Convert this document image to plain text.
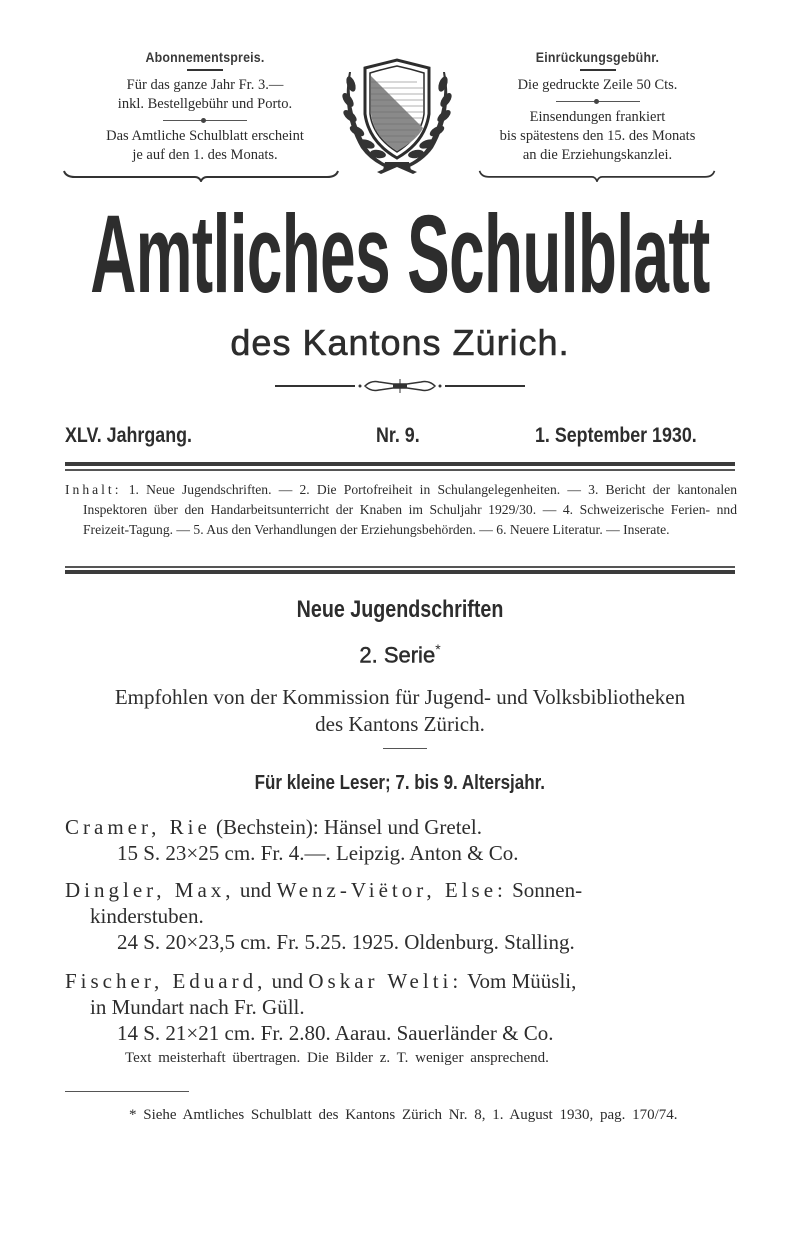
Abonnementspreis.
Für das ganze Jahr Fr. 3.—
inkl. Bestellgebühr und Porto.
Das Amtliche Schulblatt erscheint
je auf den 1. des Monats.
Einrückungsgebühr.
Die gedruckte Zeile 50 Cts.
Einsendungen frankiert
bis spätestens den 15. des Monats
an die Erziehungskanzlei.
Amtliches Schulblatt
des Kantons Zürich.
XLV. Jahrgang.	Nr. 9.	1. September 1930.

Inhalt: 1. Neue Jugendschriften. — 2. Die Portofreiheit in Schulangelegenheiten. — 3. Bericht der kantonalen Inspektoren über den Handarbeitsunterricht der Knaben im Schuljahr 1929/30. — 4. Schweizerische Ferien- nnd Freizeit-Tagung. — 5. Aus den Verhandlungen der Erziehungsbehörden. — 6. Neuere Literatur. — Inserate.

Neue Jugendschriften
2. Serie*
Empfohlen von der Kommission für Jugend- und Volksbibliotheken
des Kantons Zürich.
Für kleine Leser; 7. bis 9. Altersjahr.
Cramer, Rie (Bechstein): Hänsel und Gretel.
15 S. 23×25 cm. Fr. 4.—. Leipzig. Anton & Co.
Dingler, Max, und Wenz-Viëtor, Else: Sonnen-
kinderstuben.
24 S. 20×23,5 cm. Fr. 5.25. 1925. Oldenburg. Stalling.
Fischer, Eduard, und Oskar Welti: Vom Müüsli,
in Mundart nach Fr. Güll.
14 S. 21×21 cm. Fr. 2.80. Aarau. Sauerländer & Co.
Text meisterhaft übertragen. Die Bilder z. T. weniger ansprechend.
* Siehe Amtliches Schulblatt des Kantons Zürich Nr. 8, 1. August 1930, pag. 170/74.
